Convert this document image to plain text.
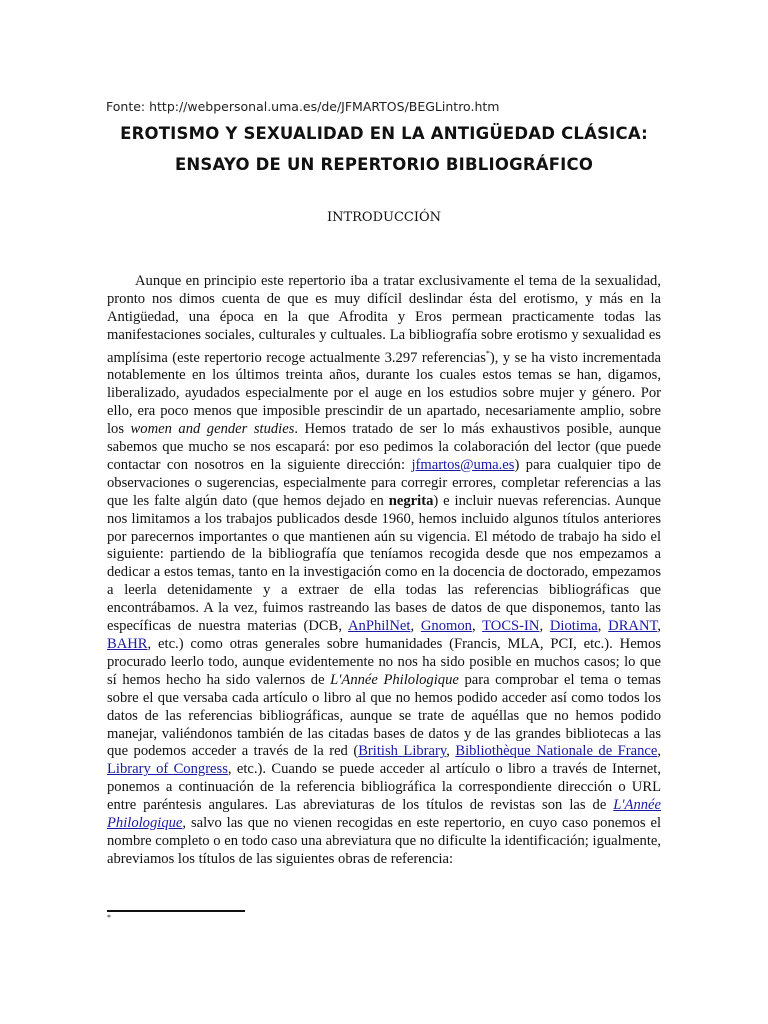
Fonte: http://webpersonal.uma.es/de/JFMARTOS/BEGLintro.htm
EROTISMO Y SEXUALIDAD EN LA ANTIGÜEDAD CLÁSICA:
ENSAYO DE UN REPERTORIO BIBLIOGRÁFICO
INTRODUCCIÓN

Aunque en principio este repertorio iba a tratar exclusivamente el tema de la sexualidad, pronto nos dimos cuenta de que es muy difícil deslindar ésta del erotismo, y más en la Antigüedad, una época en la que Afrodita y Eros permean practicamente todas las manifestaciones sociales, culturales y cultuales. La bibliografía sobre erotismo y sexualidad es amplísima (este repertorio recoge actualmente 3.297 referencias*), y se ha visto incrementada notablemente en los últimos treinta años, durante los cuales estos temas se han, digamos, liberalizado, ayudados especialmente por el auge en los estudios sobre mujer y género. Por ello, era poco menos que imposible prescindir de un apartado, necesariamente amplio, sobre los women and gender studies. Hemos tratado de ser lo más exhaustivos posible, aunque sabemos que mucho se nos escapará: por eso pedimos la colaboración del lector (que puede contactar con nosotros en la siguiente dirección: jfmartos@uma.es) para cualquier tipo de observaciones o sugerencias, especialmente para corregir errores, completar referencias a las que les falte algún dato (que hemos dejado en negrita) e incluir nuevas referencias. Aunque nos limitamos a los trabajos publicados desde 1960, hemos incluido algunos títulos anteriores por parecernos importantes o que mantienen aún su vigencia. El método de trabajo ha sido el siguiente: partiendo de la bibliografía que teníamos recogida desde que nos empezamos a dedicar a estos temas, tanto en la investigación como en la docencia de doctorado, empezamos a leerla detenidamente y a extraer de ella todas las referencias bibliográficas que encontrábamos. A la vez, fuimos rastreando las bases de datos de que disponemos, tanto las específicas de nuestra materias (DCB, AnPhilNet, Gnomon, TOCS-IN, Diotima, DRANT, BAHR, etc.) como otras generales sobre humanidades (Francis, MLA, PCI, etc.). Hemos procurado leerlo todo, aunque evidentemente no nos ha sido posible en muchos casos; lo que sí hemos hecho ha sido valernos de L'Année Philologique para comprobar el tema o temas sobre el que versaba cada artículo o libro al que no hemos podido acceder así como todos los datos de las referencias bibliográficas, aunque se trate de aquéllas que no hemos podido manejar, valiéndonos también de las citadas bases de datos y de las grandes bibliotecas a las que podemos acceder a través de la red (British Library, Bibliothèque Nationale de France, Library of Congress, etc.). Cuando se puede acceder al artículo o libro a través de Internet, ponemos a continuación de la referencia bibliográfica la correspondiente dirección o URL entre paréntesis angulares. Las abreviaturas de los títulos de revistas son las de L'Année Philologique, salvo las que no vienen recogidas en este repertorio, en cuyo caso ponemos el nombre completo o en todo caso una abreviatura que no dificulte la identificación; igualmente, abreviamos los títulos de las siguientes obras de referencia:

*
